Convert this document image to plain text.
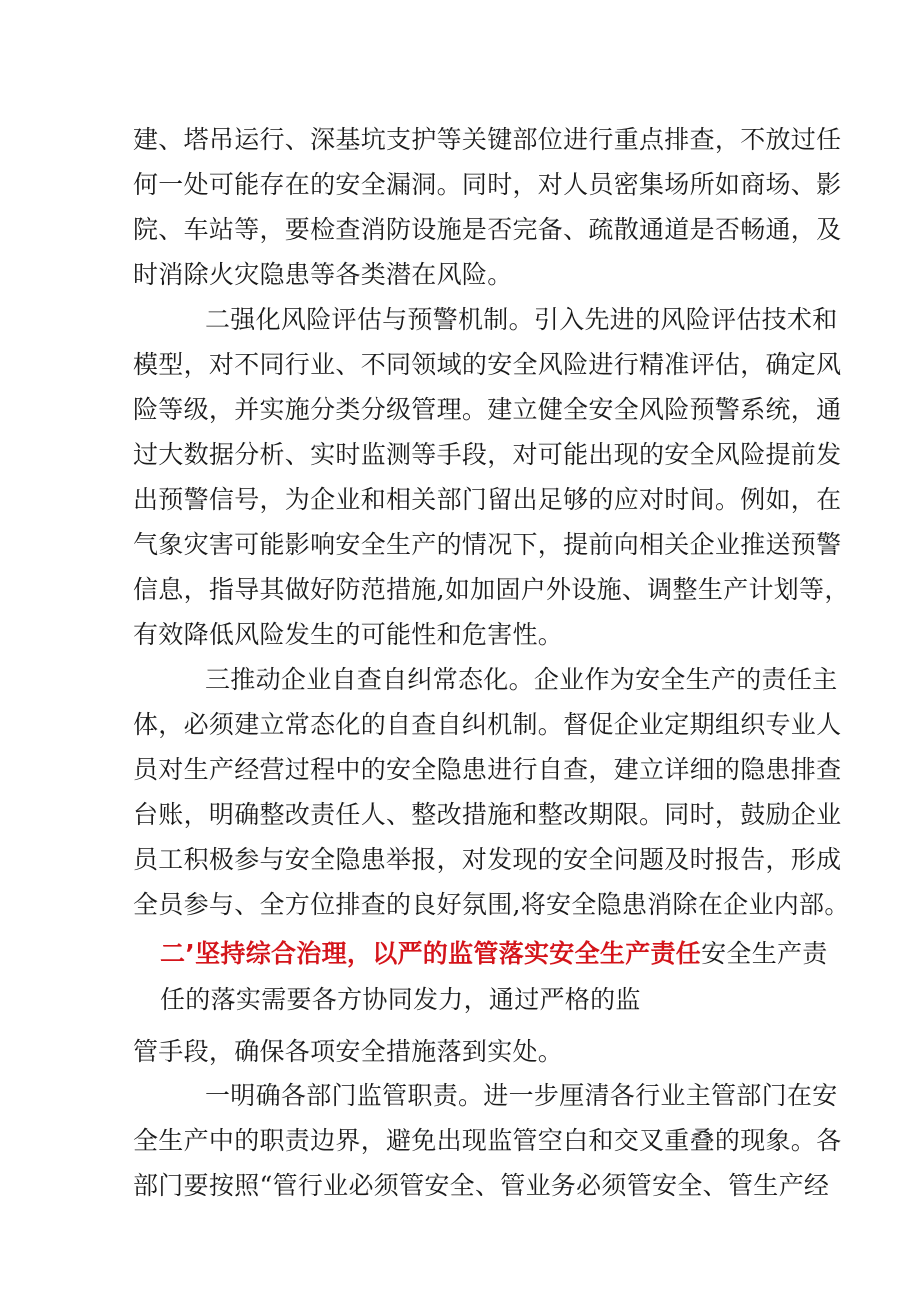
建、塔吊运行、深基坑支护等关键部位进行重点排查，不放过任
何一处可能存在的安全漏洞。同时，对人员密集场所如商场、影
院、车站等，要检查消防设施是否完备、疏散通道是否畅通，及
时消除火灾隐患等各类潜在风险。
二强化风险评估与预警机制。引入先进的风险评估技术和
模型，对不同行业、不同领域的安全风险进行精准评估，确定风
险等级，并实施分类分级管理。建立健全安全风险预警系统，通
过大数据分析、实时监测等手段，对可能出现的安全风险提前发
出预警信号，为企业和相关部门留出足够的应对时间。例如，在
气象灾害可能影响安全生产的情况下，提前向相关企业推送预警
信息，指导其做好防范措施,如加固户外设施、调整生产计划等，
有效降低风险发生的可能性和危害性。
三推动企业自查自纠常态化。企业作为安全生产的责任主
体，必须建立常态化的自查自纠机制。督促企业定期组织专业人
员对生产经营过程中的安全隐患进行自查，建立详细的隐患排查
台账，明确整改责任人、整改措施和整改期限。同时，鼓励企业
员工积极参与安全隐患举报，对发现的安全问题及时报告，形成
全员参与、全方位排查的良好氛围,将安全隐患消除在企业内部。
二’坚持综合治理，以严的监管落实安全生产责任安全生产责
任的落实需要各方协同发力，通过严格的监
管手段，确保各项安全措施落到实处。
一明确各部门监管职责。进一步厘清各行业主管部门在安
全生产中的职责边界，避免出现监管空白和交叉重叠的现象。各
部门要按照“管行业必须管安全、管业务必须管安全、管生产经
